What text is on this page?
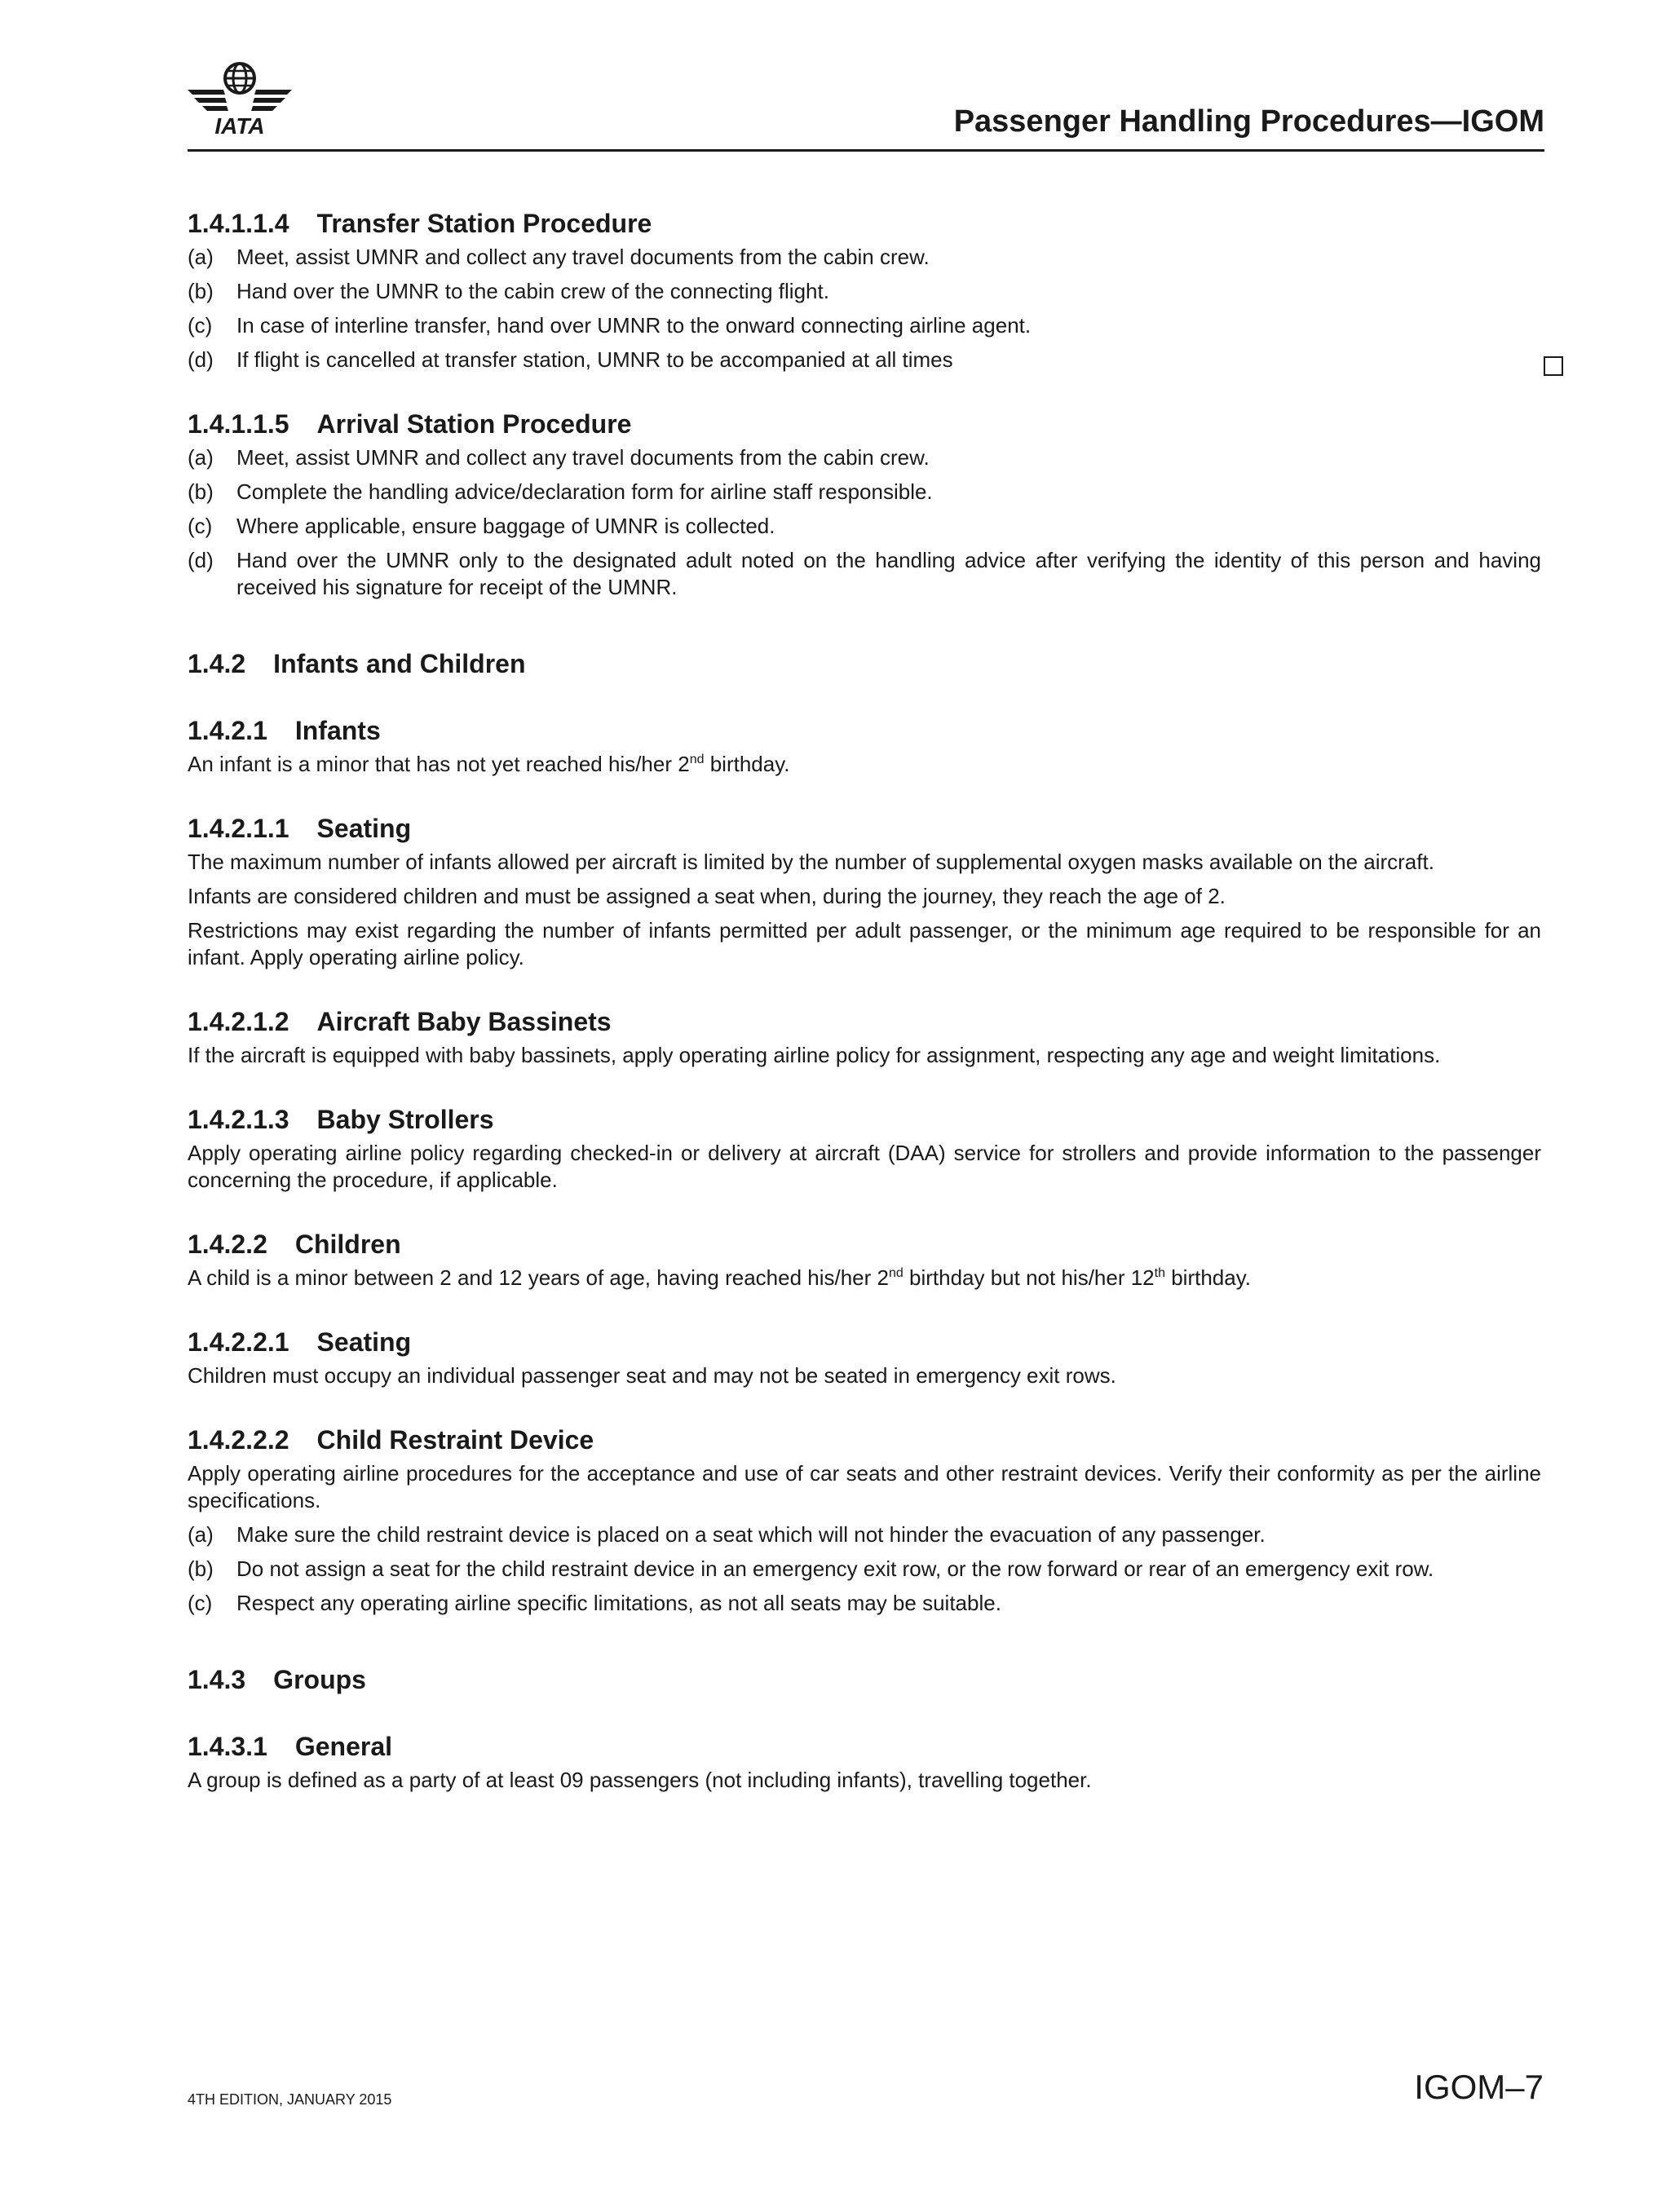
IATA	Passenger Handling Procedures—IGOM
1.4.1.1.4 Transfer Station Procedure
(a) Meet, assist UMNR and collect any travel documents from the cabin crew.
(b) Hand over the UMNR to the cabin crew of the connecting flight.
(c) In case of interline transfer, hand over UMNR to the onward connecting airline agent.
(d) If flight is cancelled at transfer station, UMNR to be accompanied at all times
1.4.1.1.5 Arrival Station Procedure
(a) Meet, assist UMNR and collect any travel documents from the cabin crew.
(b) Complete the handling advice/declaration form for airline staff responsible.
(c) Where applicable, ensure baggage of UMNR is collected.
(d) Hand over the UMNR only to the designated adult noted on the handling advice after verifying the identity of this person and having received his signature for receipt of the UMNR.
1.4.2 Infants and Children
1.4.2.1 Infants
An infant is a minor that has not yet reached his/her 2nd birthday.
1.4.2.1.1 Seating
The maximum number of infants allowed per aircraft is limited by the number of supplemental oxygen masks available on the aircraft.
Infants are considered children and must be assigned a seat when, during the journey, they reach the age of 2.
Restrictions may exist regarding the number of infants permitted per adult passenger, or the minimum age required to be responsible for an infant. Apply operating airline policy.
1.4.2.1.2 Aircraft Baby Bassinets
If the aircraft is equipped with baby bassinets, apply operating airline policy for assignment, respecting any age and weight limitations.
1.4.2.1.3 Baby Strollers
Apply operating airline policy regarding checked-in or delivery at aircraft (DAA) service for strollers and provide information to the passenger concerning the procedure, if applicable.
1.4.2.2 Children
A child is a minor between 2 and 12 years of age, having reached his/her 2nd birthday but not his/her 12th birthday.
1.4.2.2.1 Seating
Children must occupy an individual passenger seat and may not be seated in emergency exit rows.
1.4.2.2.2 Child Restraint Device
Apply operating airline procedures for the acceptance and use of car seats and other restraint devices. Verify their conformity as per the airline specifications.
(a) Make sure the child restraint device is placed on a seat which will not hinder the evacuation of any passenger.
(b) Do not assign a seat for the child restraint device in an emergency exit row, or the row forward or rear of an emergency exit row.
(c) Respect any operating airline specific limitations, as not all seats may be suitable.
1.4.3 Groups
1.4.3.1 General
A group is defined as a party of at least 09 passengers (not including infants), travelling together.
4TH EDITION, JANUARY 2015	IGOM–7
